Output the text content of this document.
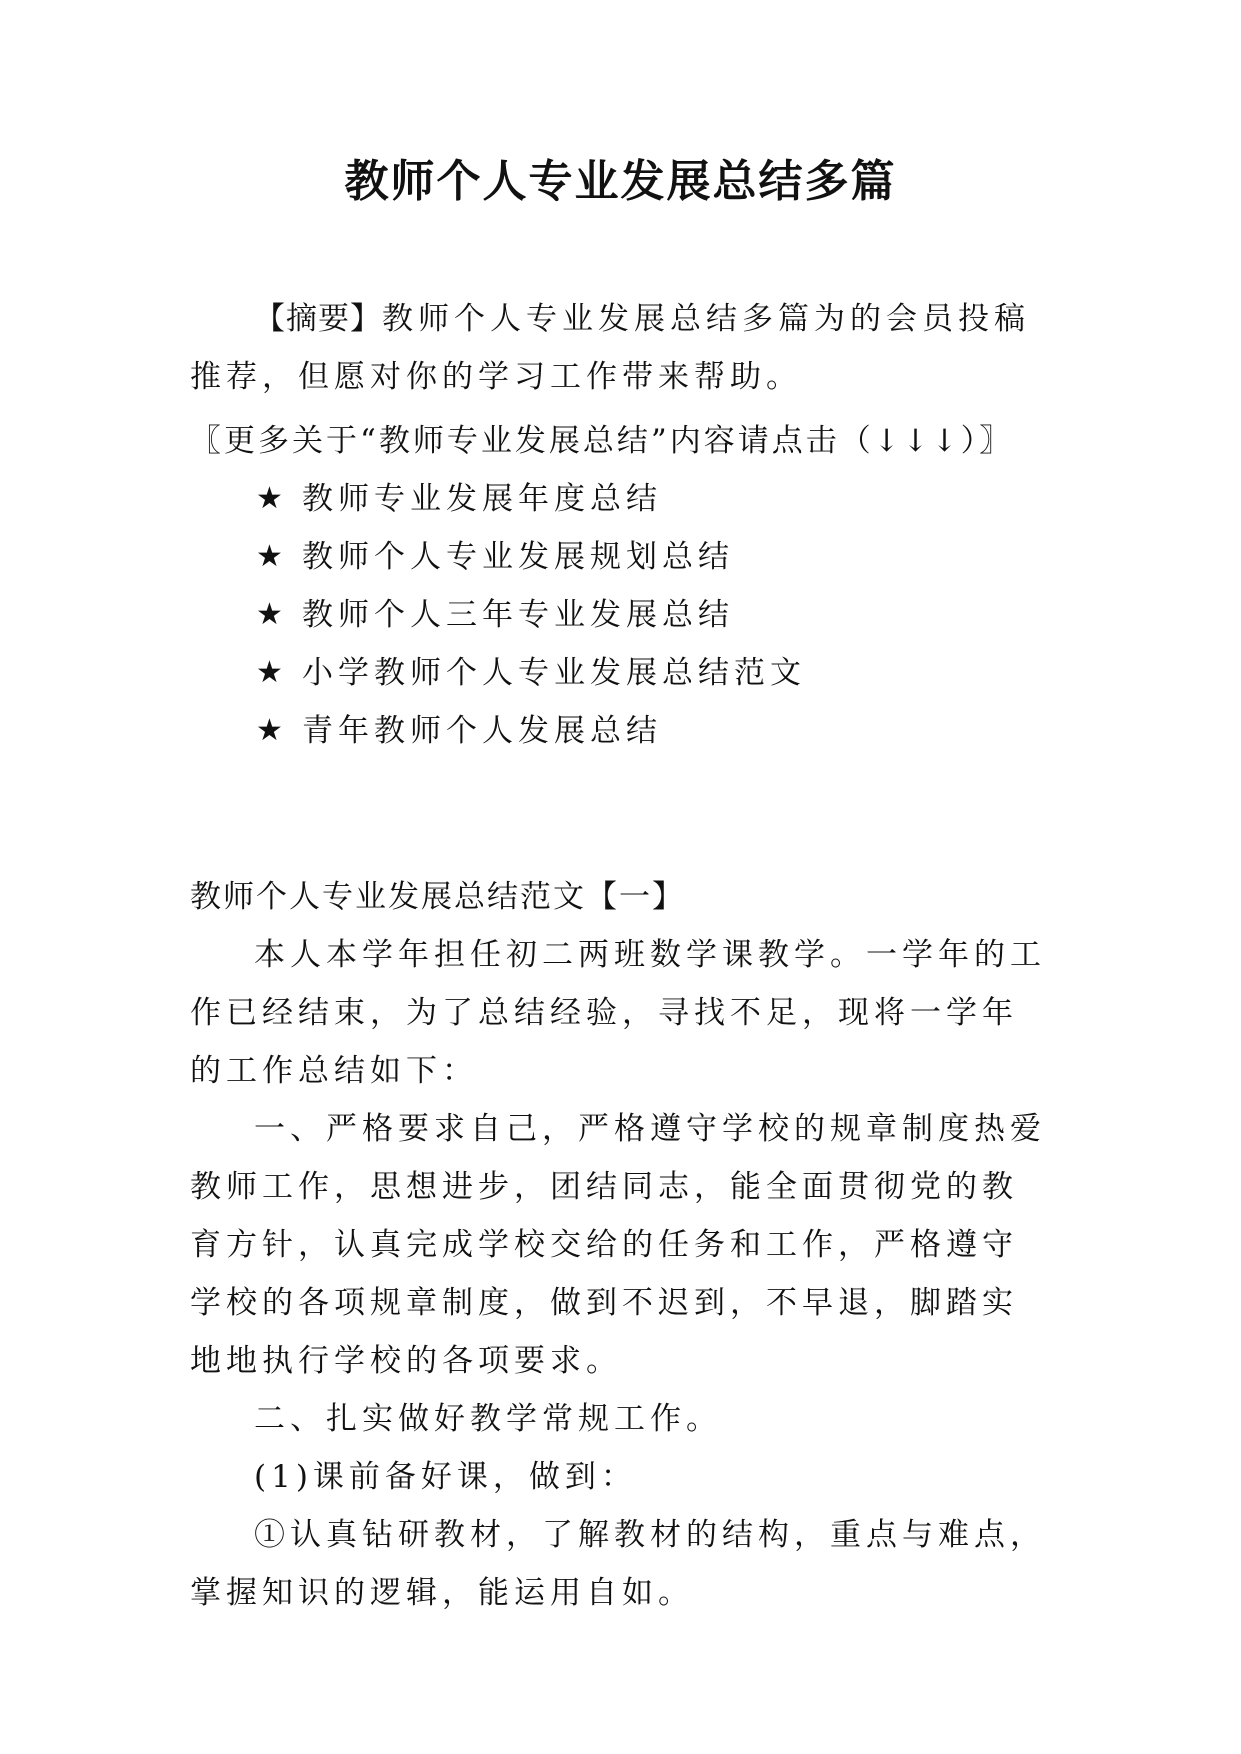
教师个人专业发展总结多篇
【摘要】教师个人专业发展总结多篇为的会员投稿推荐，但愿对你的学习工作带来帮助。

〖更多关于“教师专业发展总结”内容请点击（↓↓↓）〗

★ 教师专业发展年度总结
★ 教师个人专业发展规划总结
★ 教师个人三年专业发展总结
★ 小学教师个人专业发展总结范文
★ 青年教师个人发展总结

教师个人专业发展总结范文【一】

本人本学年担任初二两班数学课教学。一学年的工作已经结束，为了总结经验，寻找不足，现将一学年的工作总结如下：

一、严格要求自己，严格遵守学校的规章制度热爱教师工作，思想进步，团结同志，能全面贯彻党的教育方针，认真完成学校交给的任务和工作，严格遵守学校的各项规章制度，做到不迟到，不早退，脚踏实地地执行学校的各项要求。

二、扎实做好教学常规工作。

(1)课前备好课，做到：

①认真钻研教材，了解教材的结构，重点与难点，掌握知识的逻辑，能运用自如。
